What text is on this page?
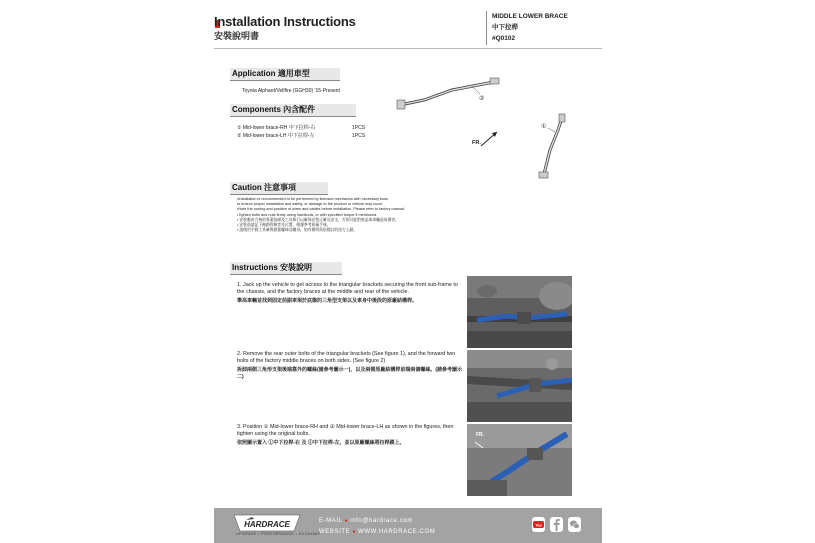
Installation Instructions
安裝說明書
MIDDLE LOWER BRACE
中下拉桿
#Q0102
Application 適用車型
Toyota Alphard/Vellfire (GGH30) '15-Present
Components 內含配件
① Mid-lower brace-RH 中下拉桿-右	1PCS
② Mid-lower brace-LH 中下拉桿-左	1PCS
②
①
FR.
Caution 注意事項
•Installation is recommended to be performed by licensed mechanics with necessary tools
to ensure proper installation and safety, or damage to the product or vehicle may occur.
•Note the routing and position of wires and cables before installation. Please refer to factory manual.
•Tighten bolts and nuts firmly using handtools, or with specified torque if mentioned.
• 安裝應由合格的專業技師及工具執行以確保安裝正確及安全，否則可能對產品或車輛造成傷害。
• 安裝前請記下線路管線等及位置，維護參考原廠手冊。
• 請使用手動工具確實鎖緊螺絲及螺母，如有標明需依標註的扭力上鎖。
Instructions 安裝說明
1. Jack up the vehicle to get access to the triangular brackets securing the front sub-frame to the chassis, and the factory braces at the middle and rear of the vehicle.
舉高車輛並找到固定前副車架於底盤的三角型支架以及車身中後段的原廠結構桿。
2. Remove the rear outer bolts of the triangular brackets (See figure 1), and the forward two bolts of the factory middle braces on both sides. (See figure 2)
拆卸兩側三角形支架後端靠外的螺絲(請參考圖示一)，以及兩側原廠結構桿前端兩個螺絲。(請參考圖示二)
3. Position ① Mid-lower brace-RH and ② Mid-lower brace-LH as shown in the figures, then tighten using the original bolts.
依照圖示置入 ①中下拉桿-右 及 ②中下拉桿-左，並以原廠螺絲將拉桿鎖上。
FR.
HARDRACE
UPGRADE • PERFORMANCE • ECONOMY
E-MAIL ● info@hardrace.com
WEBSITE ● WWW.HARDRACE.COM
You
